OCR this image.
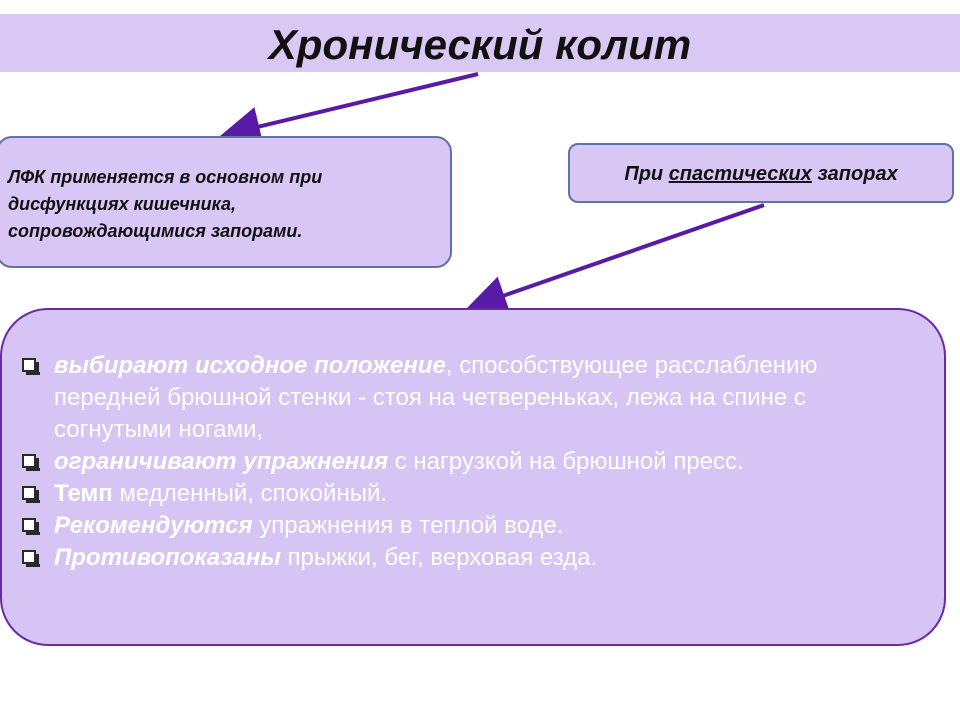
Хронический колит
ЛФК применяется в основном при
дисфункциях кишечника,
сопровождающимися запорами.
При спастических запорах
выбирают исходное положение, способствующее расслаблению передней брюшной стенки - стоя на четвереньках, лежа на спине с согнутыми ногами,
ограничивают упражнения с нагрузкой на брюшной пресс.
Темп медленный, спокойный.
Рекомендуются упражнения в теплой воде.
Противопоказаны прыжки, бег, верховая езда.
